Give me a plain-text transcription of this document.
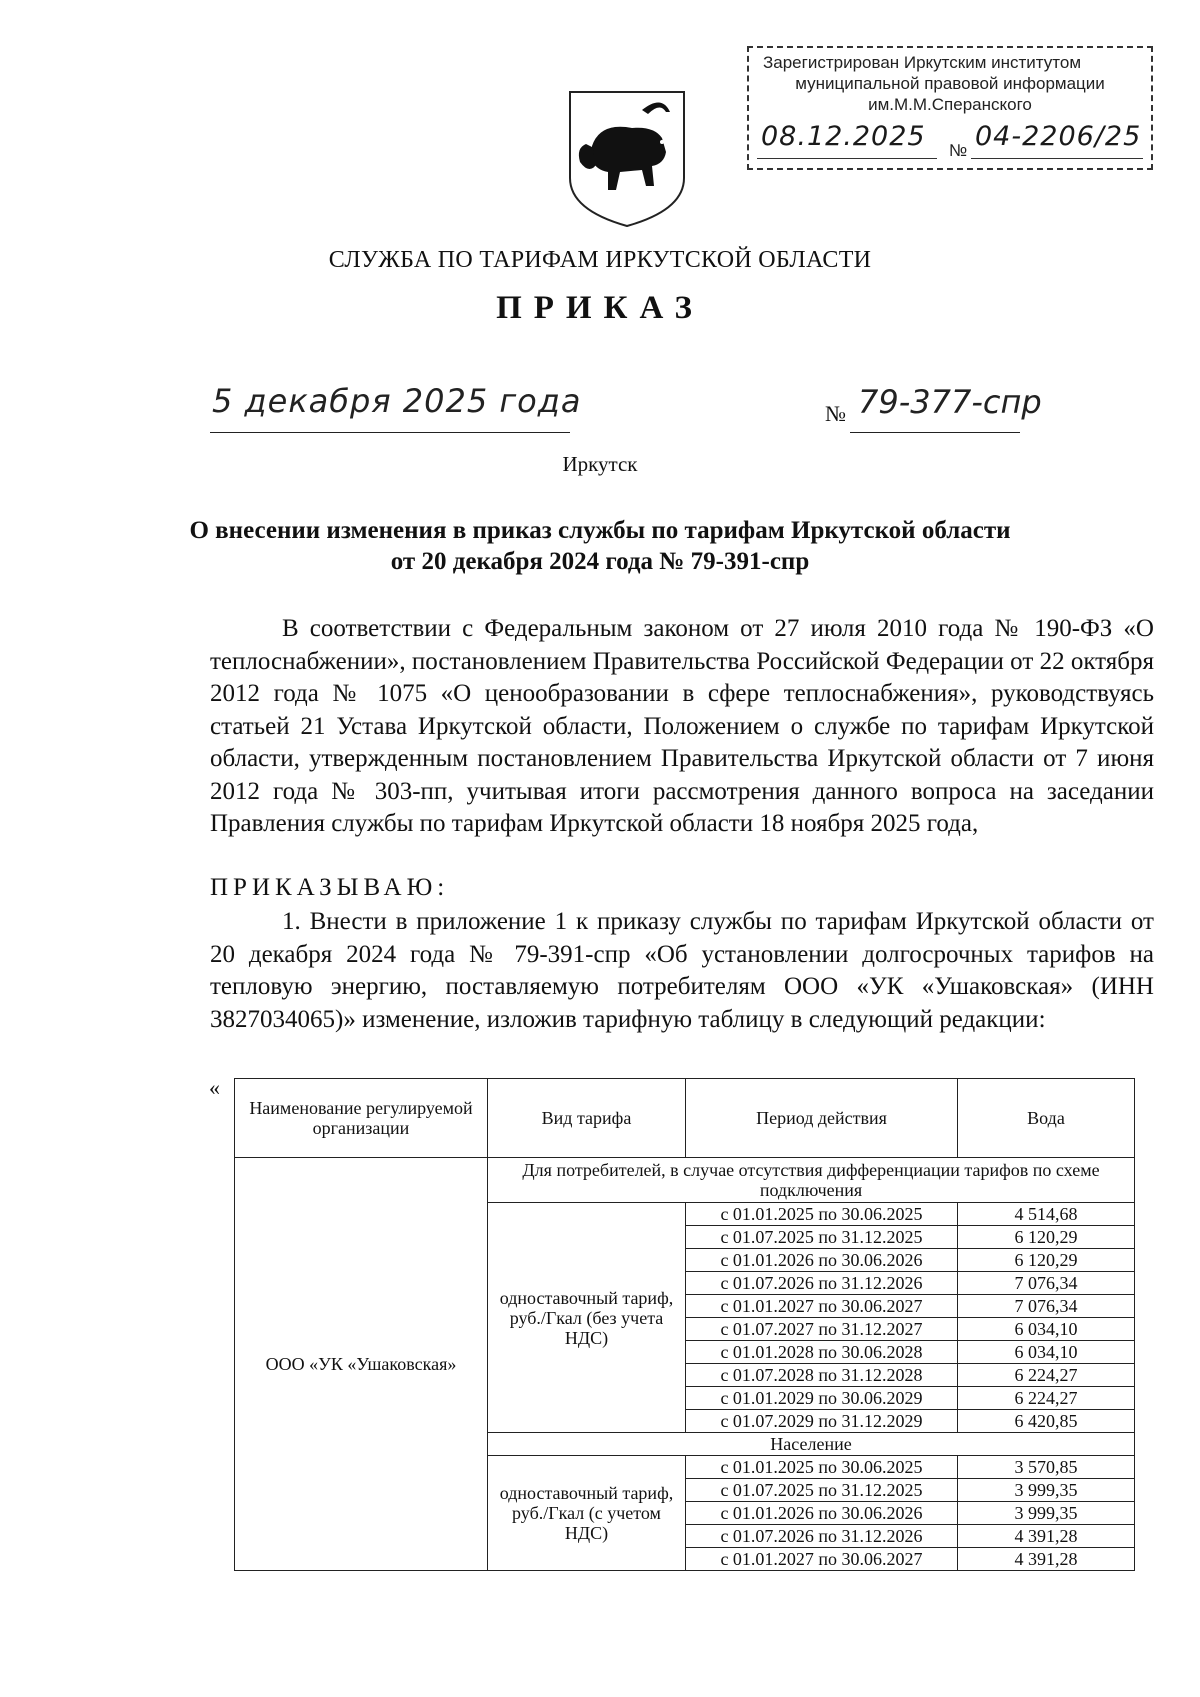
Зарегистрирован Иркутским институтом
муниципальной правовой информации
им.М.М.Сперанского
08.12.2025 № 04-2206/25
СЛУЖБА ПО ТАРИФАМ ИРКУТСКОЙ ОБЛАСТИ
ПРИКАЗ
5 декабря 2025 года	№ 79-377-спр
Иркутск
О внесении изменения в приказ службы по тарифам Иркутской области
от 20 декабря 2024 года № 79-391-спр
В соответствии с Федеральным законом от 27 июля 2010 года № 190-ФЗ «О теплоснабжении», постановлением Правительства Российской Федерации от 22 октября 2012 года № 1075 «О ценообразовании в сфере теплоснабжения», руководствуясь статьей 21 Устава Иркутской области, Положением о службе по тарифам Иркутской области, утвержденным постановлением Правительства Иркутской области от 7 июня 2012 года № 303-пп, учитывая итоги рассмотрения данного вопроса на заседании Правления службы по тарифам Иркутской области 18 ноября 2025 года,
ПРИКАЗЫВАЮ:
1. Внести в приложение 1 к приказу службы по тарифам Иркутской области от 20 декабря 2024 года № 79-391-спр «Об установлении долгосрочных тарифов на тепловую энергию, поставляемую потребителям ООО «УК «Ушаковская» (ИНН 3827034065)» изменение, изложив тарифную таблицу в следующий редакции:
«
Наименование регулируемой организации	Вид тарифа	Период действия	Вода
ООО «УК «Ушаковская»	Для потребителей, в случае отсутствия дифференциации тарифов по схеме подключения		
	одноставочный тариф, руб./Гкал (без учета НДС)	с 01.01.2025 по 30.06.2025	4 514,68
		с 01.07.2025 по 31.12.2025	6 120,29
		с 01.01.2026 по 30.06.2026	6 120,29
		с 01.07.2026 по 31.12.2026	7 076,34
		с 01.01.2027 по 30.06.2027	7 076,34
		с 01.07.2027 по 31.12.2027	6 034,10
		с 01.01.2028 по 30.06.2028	6 034,10
		с 01.07.2028 по 31.12.2028	6 224,27
		с 01.01.2029 по 30.06.2029	6 224,27
		с 01.07.2029 по 31.12.2029	6 420,85
	Население		
	одноставочный тариф, руб./Гкал (с учетом НДС)	с 01.01.2025 по 30.06.2025	3 570,85
		с 01.07.2025 по 31.12.2025	3 999,35
		с 01.01.2026 по 30.06.2026	3 999,35
		с 01.07.2026 по 31.12.2026	4 391,28
		с 01.01.2027 по 30.06.2027	4 391,28
